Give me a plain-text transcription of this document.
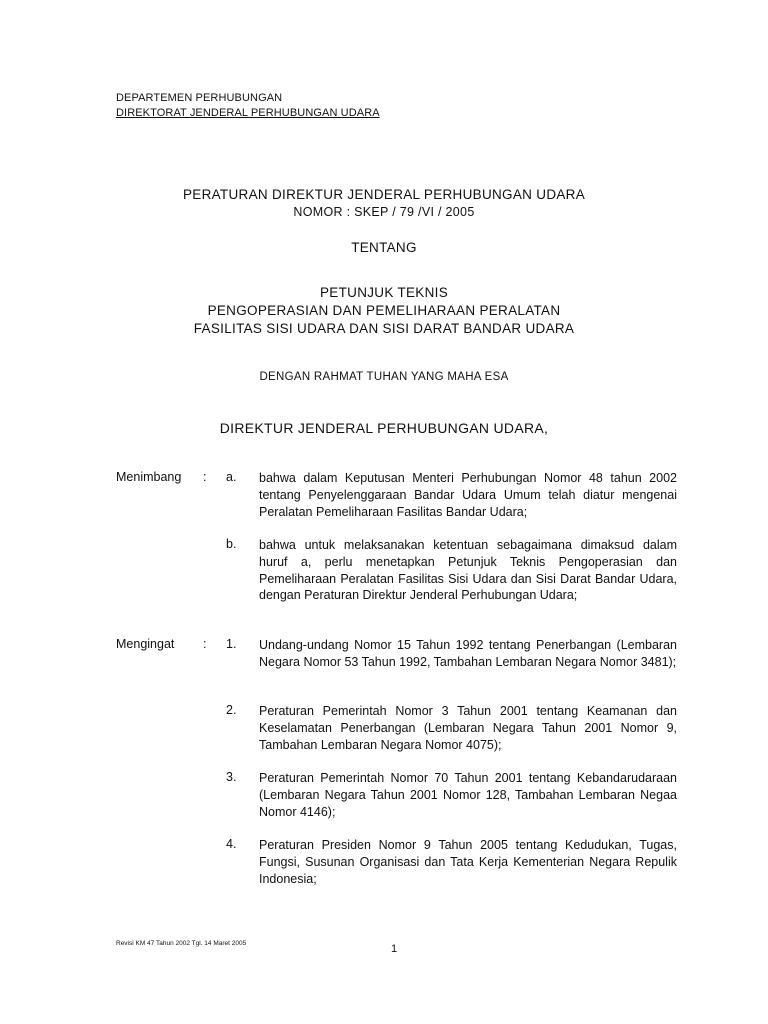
DEPARTEMEN PERHUBUNGAN
DIREKTORAT JENDERAL PERHUBUNGAN UDARA
PERATURAN DIREKTUR JENDERAL PERHUBUNGAN UDARA
NOMOR : SKEP / 79 /VI / 2005
TENTANG
PETUNJUK TEKNIS
PENGOPERASIAN DAN PEMELIHARAAN PERALATAN
FASILITAS SISI UDARA DAN SISI DARAT BANDAR UDARA
DENGAN RAHMAT TUHAN YANG MAHA ESA
DIREKTUR JENDERAL PERHUBUNGAN UDARA,
Menimbang : a. bahwa dalam Keputusan Menteri Perhubungan Nomor 48 tahun 2002 tentang Penyelenggaraan Bandar Udara Umum telah diatur mengenai Peralatan Pemeliharaan Fasilitas Bandar Udara;
b. bahwa untuk melaksanakan ketentuan sebagaimana dimaksud dalam huruf a, perlu menetapkan Petunjuk Teknis Pengoperasian dan Pemeliharaan Peralatan Fasilitas Sisi Udara dan Sisi Darat Bandar Udara, dengan Peraturan Direktur Jenderal Perhubungan Udara;
Mengingat : 1. Undang-undang Nomor 15 Tahun 1992 tentang Penerbangan (Lembaran Negara Nomor 53 Tahun 1992, Tambahan Lembaran Negara Nomor 3481);
2. Peraturan Pemerintah Nomor 3 Tahun 2001 tentang Keamanan dan Keselamatan Penerbangan (Lembaran Negara Tahun 2001 Nomor 9, Tambahan Lembaran Negara Nomor 4075);
3. Peraturan Pemerintah Nomor 70 Tahun 2001 tentang Kebandarudaraan (Lembaran Negara Tahun 2001 Nomor 128, Tambahan Lembaran Negaa Nomor 4146);
4. Peraturan Presiden Nomor 9 Tahun 2005 tentang Kedudukan, Tugas, Fungsi, Susunan Organisasi dan Tata Kerja Kementerian Negara Repulik Indonesia;
Revisi KM 47 Tahun 2002 Tgl. 14 Maret 2005	1
